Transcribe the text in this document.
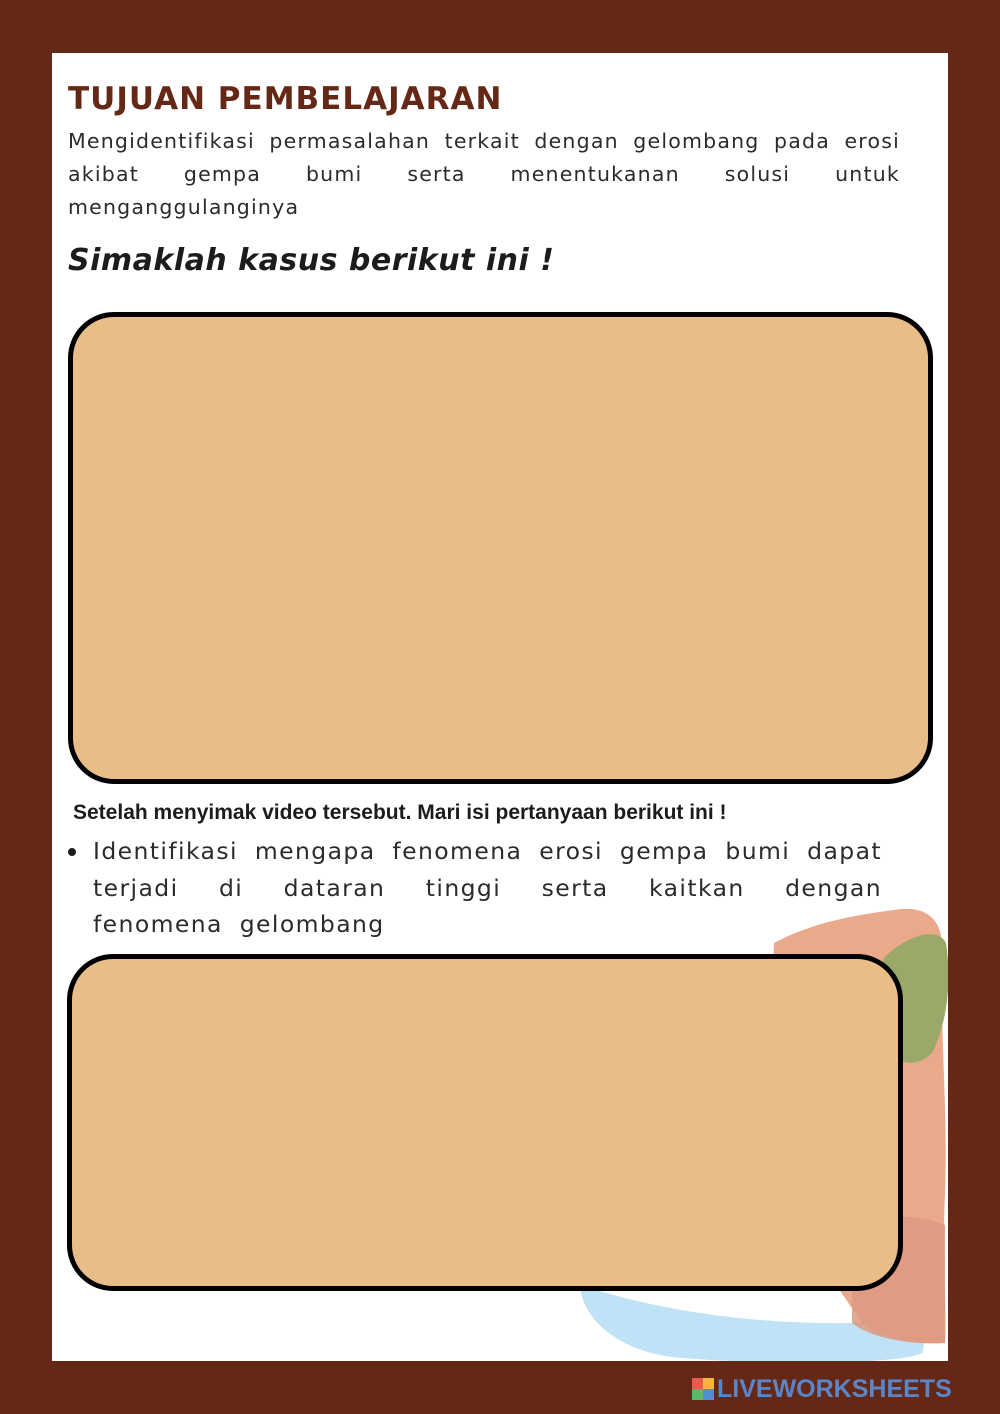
TUJUAN PEMBELAJARAN

Mengidentifikasi permasalahan terkait dengan gelombang pada erosi akibat gempa bumi serta menentukanan solusi untuk menganggulanginya

Simaklah kasus berikut ini !

Setelah menyimak video tersebut. Mari isi pertanyaan berikut ini !

Identifikasi mengapa fenomena erosi gempa bumi dapat terjadi di dataran tinggi serta kaitkan dengan fenomena gelombang
LIVEWORKSHEETS
